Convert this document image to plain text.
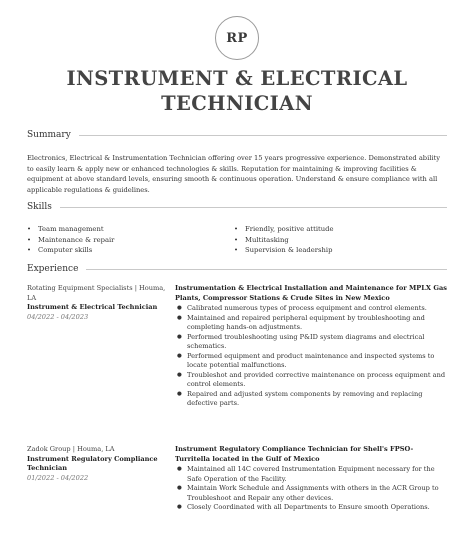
RP
INSTRUMENT & ELECTRICAL
TECHNICIAN
Summary
Electronics, Electrical & Instrumentation Technician offering over 15 years progressive experience. Demonstrated ability to easily learn & apply new or enhanced technologies & skills. Reputation for maintaining & improving facilities & equipment at above standard levels, ensuring smooth & continuous operation. Understand & ensure compliance with all applicable regulations & guidelines.
Skills
• Team management
• Maintenance & repair
• Computer skills
• Friendly, positive attitude
• Multitasking
• Supervision & leadership
Experience
Rotating Equipment Specialists | Houma, LA
Instrument & Electrical Technician
04/2022 - 04/2023
Instrumentation & Electrical Installation and Maintenance for MPLX Gas Plants, Compressor Stations & Crude Sites in New Mexico
● Calibrated numerous types of process equipment and control elements.
● Maintained and repaired peripheral equipment by troubleshooting and completing hands-on adjustments.
● Performed troubleshooting using P&ID system diagrams and electrical schematics.
● Performed equipment and product maintenance and inspected systems to locate potential malfunctions.
● Troubleshot and provided corrective maintenance on process equipment and control elements.
● Repaired and adjusted system components by removing and replacing defective parts.
Zadok Group | Houma, LA
Instrument Regulatory Compliance Technician
01/2022 - 04/2022
Instrument Regulatory Compliance Technician for Shell's FPSO-Turritella located in the Gulf of Mexico
● Maintained all 14C covered Instrumentation Equipment necessary for the Safe Operation of the Facility.
● Maintain Work Schedule and Assignments with others in the ACR Group to Troubleshoot and Repair any other devices.
● Closely Coordinated with all Departments to Ensure smooth Operations.
